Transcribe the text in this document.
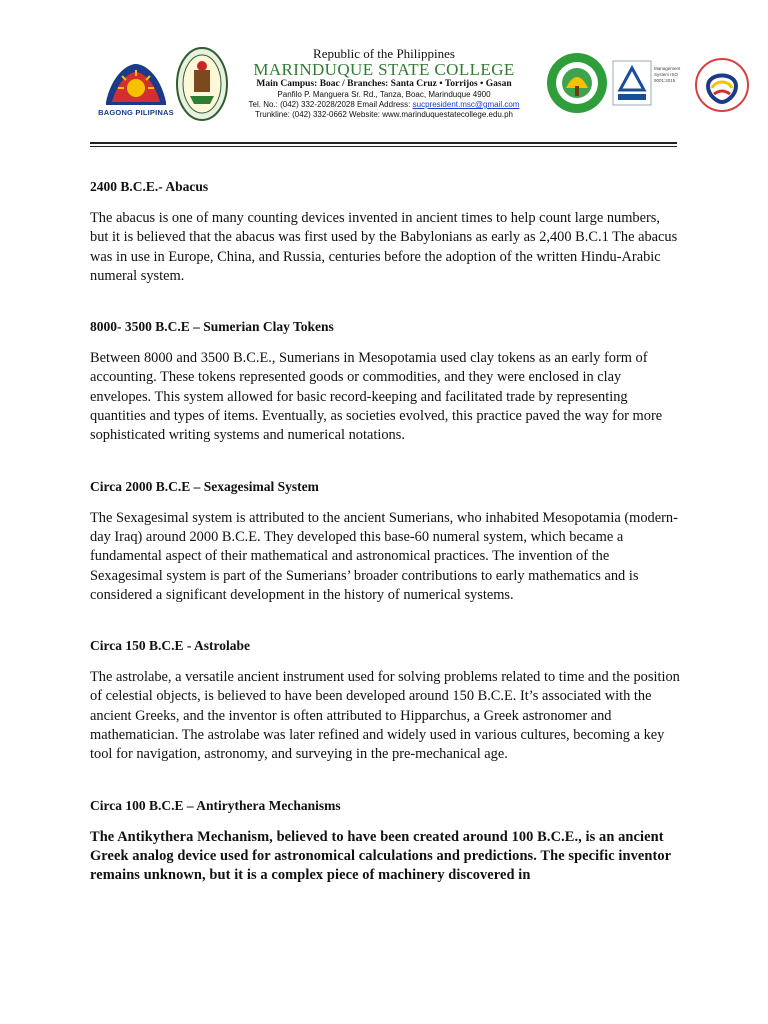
BAGONG PILIPINAS
Republic of the Philippines
MARINDUQUE STATE COLLEGE
Main Campus: Boac / Branches: Santa Cruz • Torrijos • Gasan
Panfilo P. Manguera Sr. Rd., Tanza, Boac, Marinduque 4900
Tel. No.: (042) 332-2028/2028 Email Address: sucpresident.msc@gmail.com
Trunkline: (042) 332-0662 Website: www.marinduquestatecollege.edu.ph
Management System ISO 9001:2015
2400 B.C.E.- Abacus

The abacus is one of many counting devices invented in ancient times to help count large numbers, but it is believed that the abacus was first used by the Babylonians as early as 2,400 B.C.1 The abacus was in use in Europe, China, and Russia, centuries before the adoption of the written Hindu-Arabic numeral system.

8000- 3500 B.C.E – Sumerian Clay Tokens

Between 8000 and 3500 B.C.E., Sumerians in Mesopotamia used clay tokens as an early form of accounting. These tokens represented goods or commodities, and they were enclosed in clay envelopes. This system allowed for basic record-keeping and facilitated trade by representing quantities and types of items. Eventually, as societies evolved, this practice paved the way for more sophisticated writing systems and numerical notations.

Circa 2000 B.C.E – Sexagesimal System

The Sexagesimal system is attributed to the ancient Sumerians, who inhabited Mesopotamia (modern-day Iraq) around 2000 B.C.E. They developed this base-60 numeral system, which became a fundamental aspect of their mathematical and astronomical practices. The invention of the Sexagesimal system is part of the Sumerians’ broader contributions to early mathematics and is considered a significant development in the history of numerical systems.

Circa 150 B.C.E - Astrolabe

The astrolabe, a versatile ancient instrument used for solving problems related to time and the position of celestial objects, is believed to have been developed around 150 B.C.E. It’s associated with the ancient Greeks, and the inventor is often attributed to Hipparchus, a Greek astronomer and mathematician. The astrolabe was later refined and widely used in various cultures, becoming a key tool for navigation, astronomy, and surveying in the pre-mechanical age.

Circa 100 B.C.E – Antirythera Mechanisms

The Antikythera Mechanism, believed to have been created around 100 B.C.E., is an ancient Greek analog device used for astronomical calculations and predictions. The specific inventor remains unknown, but it is a complex piece of machinery discovered in
